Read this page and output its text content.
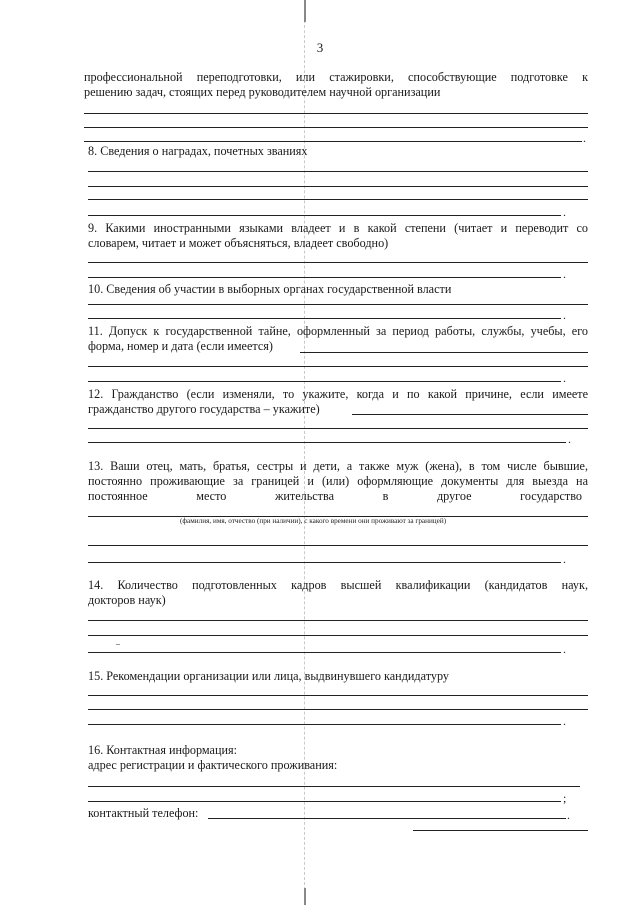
3
профессиональной переподготовки, или стажировки, способствующие подготовке к
решению задач, стоящих перед руководителем научной организации
.
8. Сведения о наградах, почетных званиях
.
9. Какими иностранными языками владеет и в какой степени (читает и переводит со
словарем, читает и может объясняться, владеет свободно)
.
10. Сведения об участии в выборных органах государственной власти
.
11. Допуск к государственной тайне, оформленный за период работы, службы, учебы, его
форма, номер и дата (если имеется)
.
12. Гражданство (если изменяли, то укажите, когда и по какой причине, если имеете
гражданство другого государства – укажите)
.
13. Ваши отец, мать, братья, сестры и дети, а также муж (жена), в том числе бывшие,
постоянно проживающие за границей и (или) оформляющие документы для выезда на
постоянное место жительства в другое государство
(фамилия, имя, отчество (при наличии), с какого времени они проживают за границей)
.
14. Количество подготовленных кадров высшей квалификации (кандидатов наук,
докторов наук)
.
15. Рекомендации организации или лица, выдвинувшего кандидатуру
.
16. Контактная информация:
адрес регистрации и фактического проживания:
;
контактный телефон:	.
